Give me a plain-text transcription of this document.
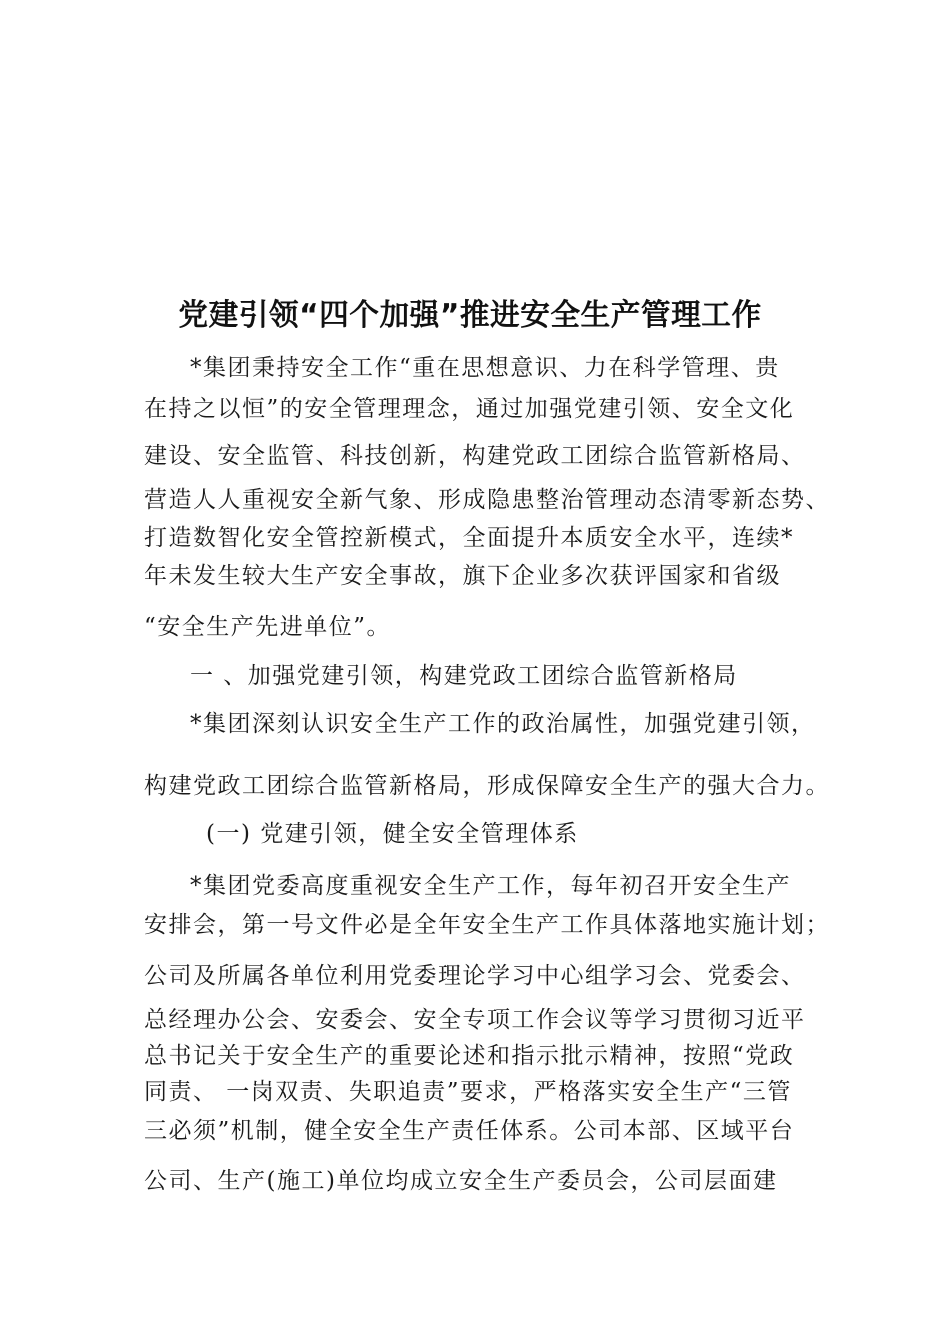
党建引领“四个加强”推进安全生产管理工作
*集团秉持安全工作“重在思想意识、力在科学管理、贵
在持之以恒”的安全管理理念，通过加强党建引领、安全文化
建设、安全监管、科技创新，构建党政工团综合监管新格局、
营造人人重视安全新气象、形成隐患整治管理动态清零新态势、
打造数智化安全管控新模式，全面提升本质安全水平，连续*
年未发生较大生产安全事故，旗下企业多次获评国家和省级
“安全生产先进单位”。
一 、加强党建引领，构建党政工团综合监管新格局
*集团深刻认识安全生产工作的政治属性，加强党建引领，
构建党政工团综合监管新格局，形成保障安全生产的强大合力。
(一) 党建引领，健全安全管理体系
*集团党委高度重视安全生产工作，每年初召开安全生产
安排会，第一号文件必是全年安全生产工作具体落地实施计划；
公司及所属各单位利用党委理论学习中心组学习会、党委会、
总经理办公会、安委会、安全专项工作会议等学习贯彻习近平
总书记关于安全生产的重要论述和指示批示精神，按照“党政
同责、 一岗双责、失职追责”要求，严格落实安全生产“三管
三必须”机制，健全安全生产责任体系。公司本部、区域平台
公司、生产(施工)单位均成立安全生产委员会，公司层面建
